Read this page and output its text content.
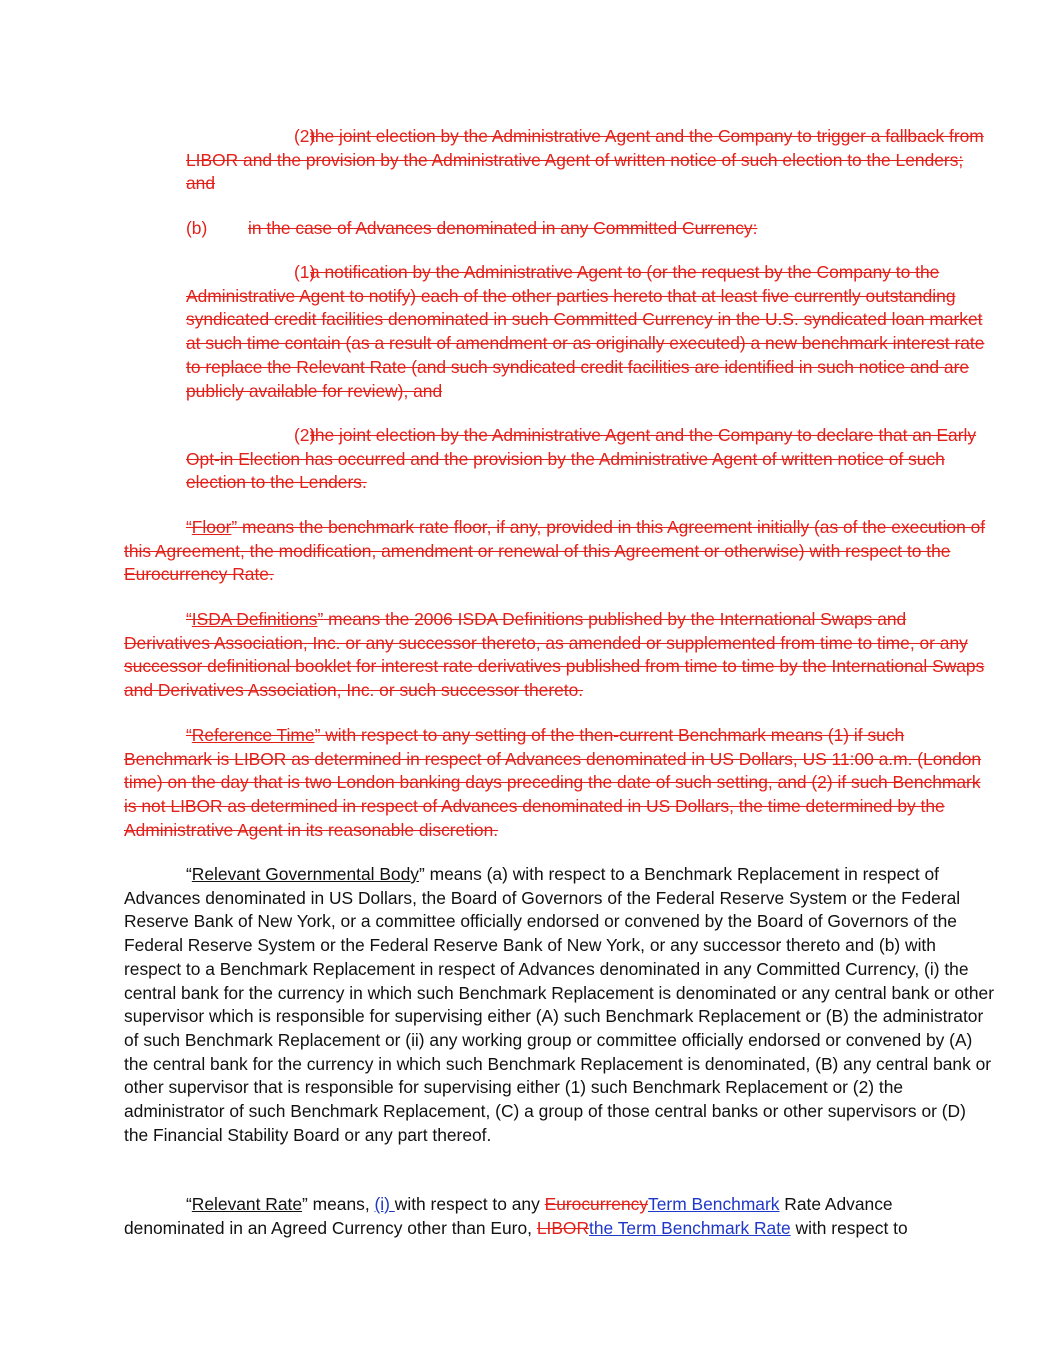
(2)the joint election by the Administrative Agent and the Company to trigger a fallback from LIBOR and the provision by the Administrative Agent of written notice of such election to the Lenders; and

(b) in the case of Advances denominated in any Committed Currency:

(1)a notification by the Administrative Agent to (or the request by the Company to the Administrative Agent to notify) each of the other parties hereto that at least five currently outstanding syndicated credit facilities denominated in such Committed Currency in the U.S. syndicated loan market at such time contain (as a result of amendment or as originally executed) a new benchmark interest rate to replace the Relevant Rate (and such syndicated credit facilities are identified in such notice and are publicly available for review), and

(2)the joint election by the Administrative Agent and the Company to declare that an Early Opt-in Election has occurred and the provision by the Administrative Agent of written notice of such election to the Lenders.

“Floor” means the benchmark rate floor, if any, provided in this Agreement initially (as of the execution of this Agreement, the modification, amendment or renewal of this Agreement or otherwise) with respect to the Eurocurrency Rate.

“ISDA Definitions” means the 2006 ISDA Definitions published by the International Swaps and Derivatives Association, Inc. or any successor thereto, as amended or supplemented from time to time, or any successor definitional booklet for interest rate derivatives published from time to time by the International Swaps and Derivatives Association, Inc. or such successor thereto.

“Reference Time” with respect to any setting of the then-current Benchmark means (1) if such Benchmark is LIBOR as determined in respect of Advances denominated in US Dollars, US 11:00 a.m. (London time) on the day that is two London banking days preceding the date of such setting, and (2) if such Benchmark is not LIBOR as determined in respect of Advances denominated in US Dollars, the time determined by the Administrative Agent in its reasonable discretion.

“Relevant Governmental Body” means (a) with respect to a Benchmark Replacement in respect of Advances denominated in US Dollars, the Board of Governors of the Federal Reserve System or the Federal Reserve Bank of New York, or a committee officially endorsed or convened by the Board of Governors of the Federal Reserve System or the Federal Reserve Bank of New York, or any successor thereto and (b) with respect to a Benchmark Replacement in respect of Advances denominated in any Committed Currency, (i) the central bank for the currency in which such Benchmark Replacement is denominated or any central bank or other supervisor which is responsible for supervising either (A) such Benchmark Replacement or (B) the administrator of such Benchmark Replacement or (ii) any working group or committee officially endorsed or convened by (A) the central bank for the currency in which such Benchmark Replacement is denominated, (B) any central bank or other supervisor that is responsible for supervising either (1) such Benchmark Replacement or (2) the administrator of such Benchmark Replacement, (C) a group of those central banks or other supervisors or (D) the Financial Stability Board or any part thereof.

“Relevant Rate” means, (i) with respect to any EurocurrencyTerm Benchmark Rate Advance denominated in an Agreed Currency other than Euro, LIBORthe Term Benchmark Rate with respect to
